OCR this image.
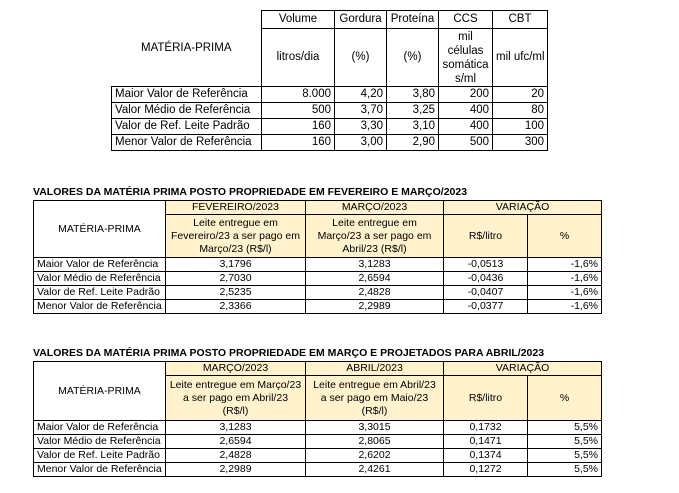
MATÉRIA-PRIMA	Volume	Gordura	Proteína	CCS	CBT
	litros/dia	(%)	(%)	mil células somática s/ml	mil ufc/ml
Maior Valor de Referência	8.000	4,20	3,80	200	20
Valor Médio de Referência	500	3,70	3,25	400	80
Valor de Ref. Leite Padrão	160	3,30	3,10	400	100
Menor Valor de Referência	160	3,00	2,90	500	300
VALORES DA MATÉRIA PRIMA POSTO PROPRIEDADE EM FEVEREIRO E MARÇO/2023
MATÉRIA-PRIMA	FEVEREIRO/2023	MARÇO/2023	VARIAÇÃO	
	Leite entregue em Fevereiro/23 a ser pago em Março/23 (R$/l)	Leite entregue em Março/23 a ser pago em Abril/23 (R$/l)	R$/litro	%
Maior Valor de Referência	3,1796	3,1283	-0,0513	-1,6%
Valor Médio de Referência	2,7030	2,6594	-0,0436	-1,6%
Valor de Ref. Leite Padrão	2,5235	2,4828	-0,0407	-1,6%
Menor Valor de Referência	2,3366	2,2989	-0,0377	-1,6%
VALORES DA MATÉRIA PRIMA POSTO PROPRIEDADE EM MARÇO E PROJETADOS PARA ABRIL/2023
MATÉRIA-PRIMA	MARÇO/2023	ABRIL/2023	VARIAÇÃO	
	Leite entregue em Março/23 a ser pago em Abril/23 (R$/l)	Leite entregue em Abril/23 a ser pago em Maio/23 (R$/l)	R$/litro	%
Maior Valor de Referência	3,1283	3,3015	0,1732	5,5%
Valor Médio de Referência	2,6594	2,8065	0,1471	5,5%
Valor de Ref. Leite Padrão	2,4828	2,6202	0,1374	5,5%
Menor Valor de Referência	2,2989	2,4261	0,1272	5,5%
